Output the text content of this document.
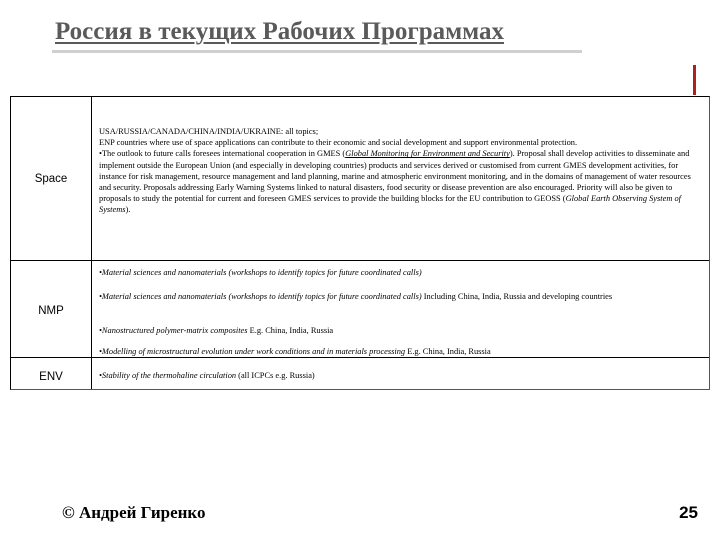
Россия в текущих Рабочих Программах
Space
USA/RUSSIA/CANADA/CHINA/INDIA/UKRAINE: all topics;
ENP countries where use of space applications can contribute to their economic and social development and support environmental protection.
•The outlook to future calls foresees international cooperation in GMES (Global Monitoring for Environment and Security). Proposal shall develop activities to disseminate and implement outside the European Union (and especially in developing countries) products and services derived or customised from current GMES development activities, for instance for risk management, resource management and land planning, marine and atmospheric environment monitoring, and in the domains of management of water resources and security. Proposals addressing Early Warning Systems linked to natural disasters, food security or disease prevention are also encouraged. Priority will also be given to proposals to study the potential for current and foreseen GMES services to provide the building blocks for the EU contribution to GEOSS (Global Earth Observing System of Systems).
NMP
•Material sciences and nanomaterials (workshops to identify topics for future coordinated calls)
•Material sciences and nanomaterials (workshops to identify topics for future coordinated calls) Including China, India, Russia and developing countries
•Nanostructured polymer-matrix composites E.g. China, India, Russia
•Modelling of microstructural evolution under work conditions and in materials processing E.g. China, India, Russia
ENV	•Stability of the thermohaline circulation (all ICPCs e.g. Russia)
© Андрей Гиренко	25
